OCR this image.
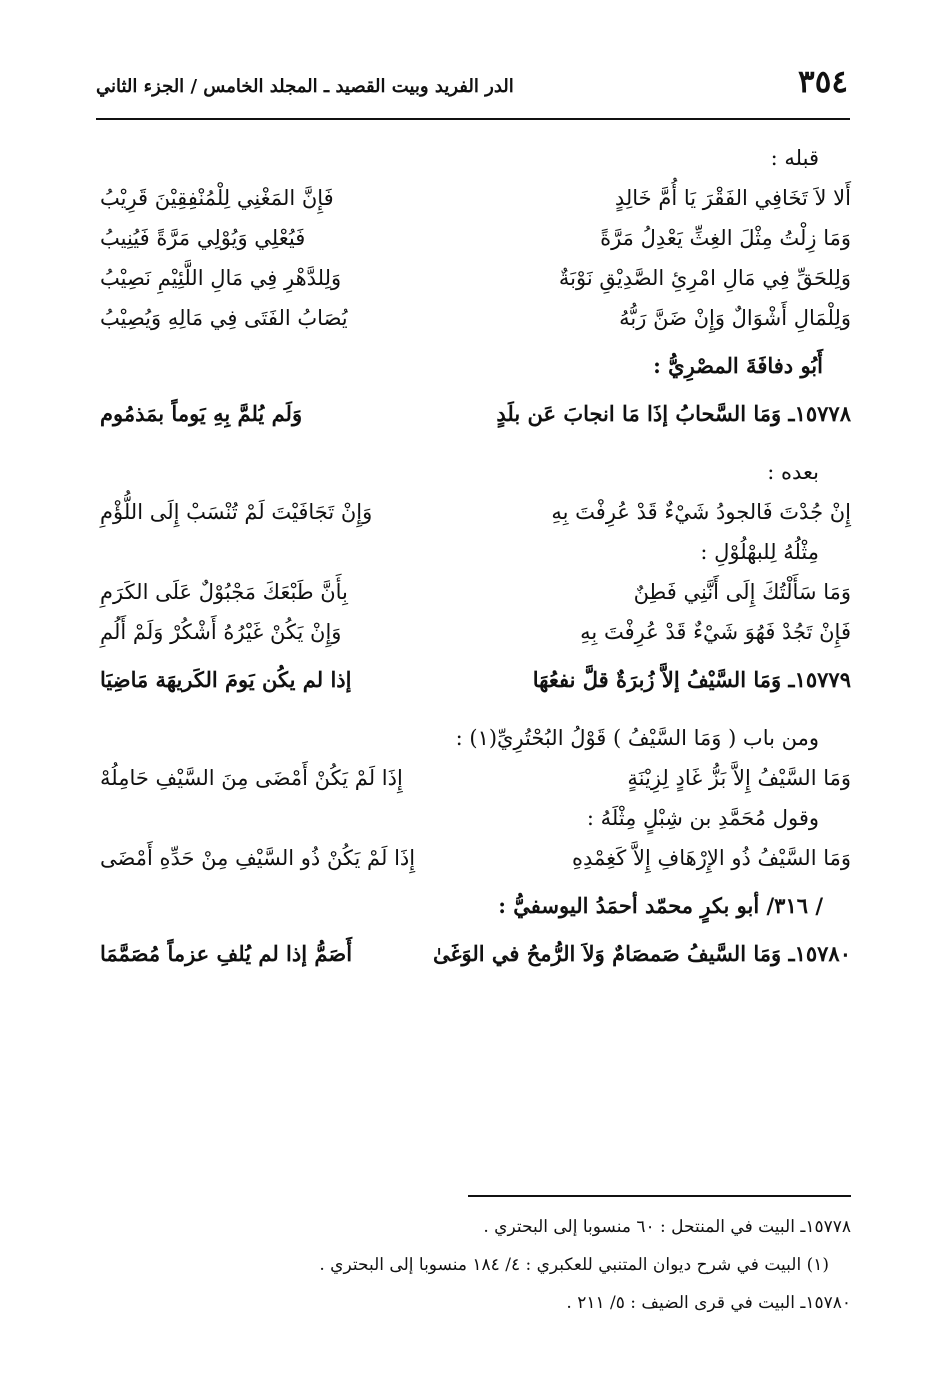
٣٥٤
الدر الفريد وبيت القصيد ـ المجلد الخامس / الجزء الثاني
قبله :
أَلا لاَ تَخَافِي الفَقْرَ يَا أُمَّ خَالِدٍ
فَإِنَّ المَغْنِي لِلْمُنْفِقِيْنَ قَرِيْبُ
وَمَا زِلْتُ مِثْلَ الغِثِّ يَعْدِلُ مَرَّةً
فَيُعْلِي وَيُوْلِي مَرَّةً فَيُنِيبُ
وَلِلحَقِّ فِي مَالِ امْرِئِ الصَّدِيْقِ نَوْبَةٌ
وَلِلدَّهْرِ فِي مَالِ اللَّئِيْمِ نَصِيْبُ
وَلِلْمَالِ أَشْوَالٌ وَإِنْ ضَنَّ رَبُّهُ
يُصَابُ الفَتَى فِي مَالِهِ وَيُصِيْبُ
أَبُو دفافَةَ المصْرِيُّ :
١٥٧٧٨ـ وَمَا السَّحابُ إذَا مَا انجابَ عَن بلَدٍ
وَلَم يُلمَّ بِهِ يَوماً بمَذمُوم
بعده :
إِنْ جُدْتَ فَالجودُ شَيْءٌ قَدْ عُرِفْتَ بِهِ
وَإِنْ تَجَافَيْتَ لَمْ تُنْسَبْ إِلَى اللُّؤْمِ
مِثْلُهُ لِلبهْلُوْلِ :
وَمَا سَأَلْتُكَ إِلَى أَنَّنِي فَطِنٌ
بِأَنَّ طَبْعَكَ مَجْبُوْلٌ عَلَى الكَرَمِ
فَإِنْ تَجُدْ فَهُوَ شَيْءٌ قَدْ عُرِفْتَ بِهِ
وَإِنْ يَكُنْ غَيْرُهُ أَشْكُرْ وَلَمْ أَلُمِ
١٥٧٧٩ـ وَمَا السَّيْفُ إلاَّ زُبرَةٌ قلَّ نفعُهَا
إذا لم يكُن يَومَ الكَريهَة مَاضِيَا
ومن باب ( وَمَا السَّيْفُ ) قَوْلُ البُحْتُرِيِّ(١) :
وَمَا السَّيْفُ إِلاَّ بَزُّ غَادٍ لِزِيْنَةٍ
إِذَا لَمْ يَكُنْ أَمْضَى مِنَ السَّيْفِ حَامِلُهْ
وقول مُحَمَّدِ بن شِبْلٍ مِثْلَهُ :
وَمَا السَّيْفُ ذُو الإِرْهَافِ إِلاَّ كَغِمْدِهِ
إِذَا لَمْ يَكُنْ ذُو السَّيْفِ مِنْ حَدِّهِ أَمْضَى
/ ٣١٦/ أبو بكرٍ محمّد أحمَدُ اليوسفيُّ :
١٥٧٨٠ـ وَمَا السَّيفُ صَمصَامٌ وَلاَ الرُّمحُ في الوَغَىٰ
أَصَمُّ إذا لم يُلفِ عزماً مُصَمَّمَا
١٥٧٧٨ـ البيت في المنتحل : ٦٠ منسوبا إلى البحتري .
(١) البيت في شرح ديوان المتنبي للعكبري : ٤/ ١٨٤ منسوبا إلى البحتري .
١٥٧٨٠ـ البيت في قرى الضيف : ٥/ ٢١١ .
